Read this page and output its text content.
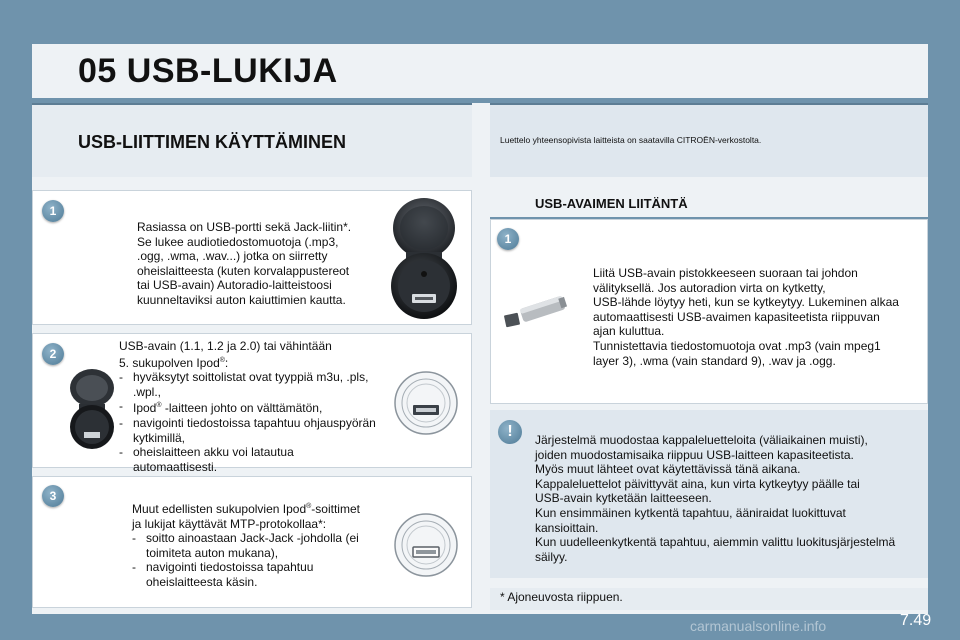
05 USB-LUKIJA
USB-LIITTIMEN KÄYTTÄMINEN	Luettelo yhteensopivista laitteista on saatavilla CITROËN-verkostolta.
1

Rasiassa on USB-portti sekä Jack-liitin*.

Se lukee audiotiedostomuotoja (.mp3,

.ogg, .wma, .wav...) jotka on siirretty

oheislaitteesta (kuten korvalappustereot

tai USB-avain) Autoradio-laitteistoosi

kuunneltaviksi auton kaiuttimien kautta.

2

USB-avain (1.1, 1.2 ja 2.0) tai vähintään

5. sukupolven Ipod®:

- hyväksytyt soittolistat ovat tyyppiä m3u, .pls, .wpl.,
- Ipod® -laitteen johto on välttämätön,
- navigointi tiedostoissa tapahtuu ohjauspyörän kytkimillä,
- oheislaitteen akku voi latautua automaattisesti.
3

Muut edellisten sukupolvien Ipod®-soittimet

ja lukijat käyttävät MTP-protokollaa*:

- soitto ainoastaan Jack-Jack -johdolla (ei toimiteta auton mukana),
- navigointi tiedostoissa tapahtuu oheislaitteesta käsin.
USB-AVAIMEN LIITÄNTÄ
1

Liitä USB-avain pistokkeeseen suoraan tai johdon

välityksellä. Jos autoradion virta on kytketty,

USB-lähde löytyy heti, kun se kytkeytyy. Lukeminen alkaa

automaattisesti USB-avaimen kapasiteetista riippuvan

ajan kuluttua.

Tunnistettavia tiedostomuotoja ovat .mp3 (vain mpeg1

layer 3), .wma (vain standard 9), .wav ja .ogg.

!	Järjestelmä muodostaa kappaleluetteloita (väliaikainen muisti),

joiden muodostamisaika riippuu USB-laitteen kapasiteetista.

Myös muut lähteet ovat käytettävissä tänä aikana.

Kappaleluettelot päivittyvät aina, kun virta kytkeytyy päälle tai

USB-avain kytketään laitteeseen.

Kun ensimmäinen kytkentä tapahtuu, ääniraidat luokittuvat

kansioittain.

Kun uudelleenkytkentä tapahtuu, aiemmin valittu luokitusjärjestelmä

säilyy.

* Ajoneuvosta riippuen.
carmanualsonline.info	7.49
